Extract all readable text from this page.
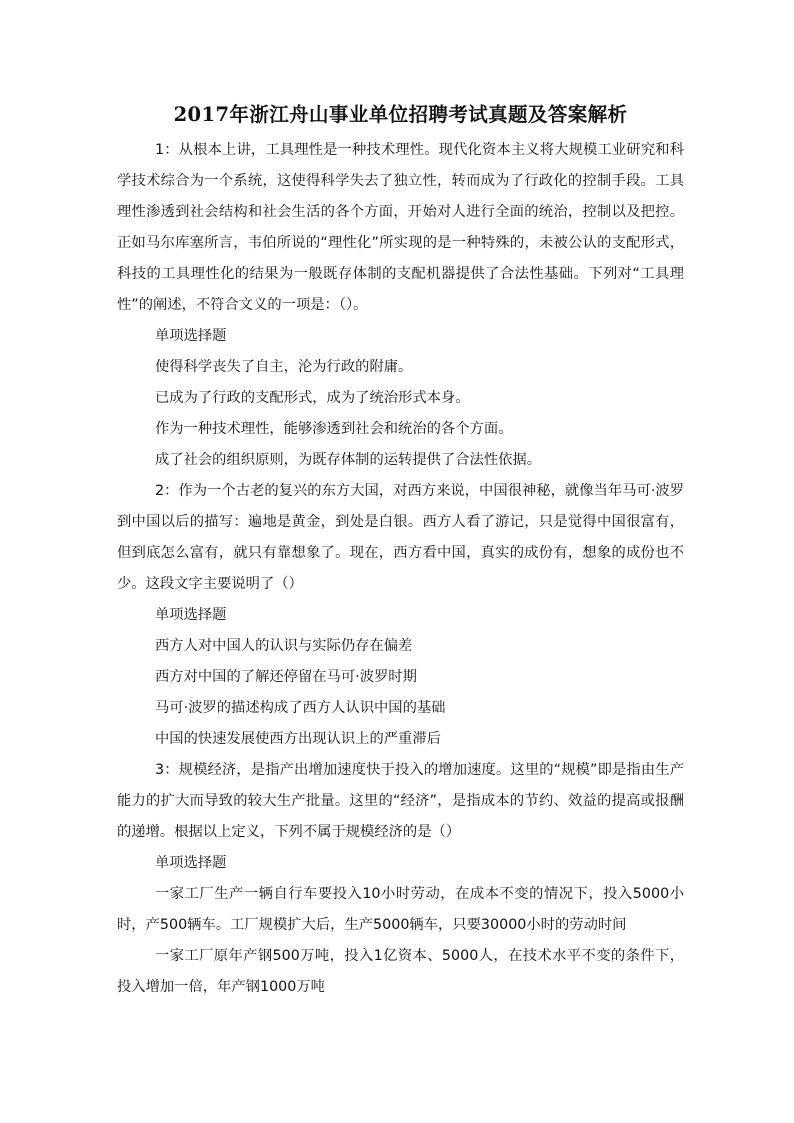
2017年浙江舟山事业单位招聘考试真题及答案解析

1：从根本上讲，工具理性是一种技术理性。现代化资本主义将大规模工业研究和科学技术综合为一个系统，这使得科学失去了独立性，转而成为了行政化的控制手段。工具理性渗透到社会结构和社会生活的各个方面，开始对人进行全面的统治，控制以及把控。正如马尔库塞所言，韦伯所说的“理性化”所实现的是一种特殊的，未被公认的支配形式，科技的工具理性化的结果为一般既存体制的支配机器提供了合法性基础。下列对“工具理性”的阐述，不符合文义的一项是：（）。

单项选择题

使得科学丧失了自主，沦为行政的附庸。

已成为了行政的支配形式，成为了统治形式本身。

作为一种技术理性，能够渗透到社会和统治的各个方面。

成了社会的组织原则，为既存体制的运转提供了合法性依据。

2：作为一个古老的复兴的东方大国，对西方来说，中国很神秘，就像当年马可·波罗到中国以后的描写：遍地是黄金，到处是白银。西方人看了游记，只是觉得中国很富有，但到底怎么富有，就只有靠想象了。现在，西方看中国，真实的成份有，想象的成份也不少。这段文字主要说明了（）

单项选择题

西方人对中国人的认识与实际仍存在偏差

西方对中国的了解还停留在马可·波罗时期

马可·波罗的描述构成了西方人认识中国的基础

中国的快速发展使西方出现认识上的严重滞后

3：规模经济，是指产出增加速度快于投入的增加速度。这里的“规模”即是指由生产能力的扩大而导致的较大生产批量。这里的“经济”，是指成本的节约、效益的提高或报酬的递增。根据以上定义，下列不属于规模经济的是（）

单项选择题

一家工厂生产一辆自行车要投入10小时劳动，在成本不变的情况下，投入5000小时，产500辆车。工厂规模扩大后，生产5000辆车，只要30000小时的劳动时间

一家工厂原年产钢500万吨，投入1亿资本、5000人，在技术水平不变的条件下，投入增加一倍，年产钢1000万吨
